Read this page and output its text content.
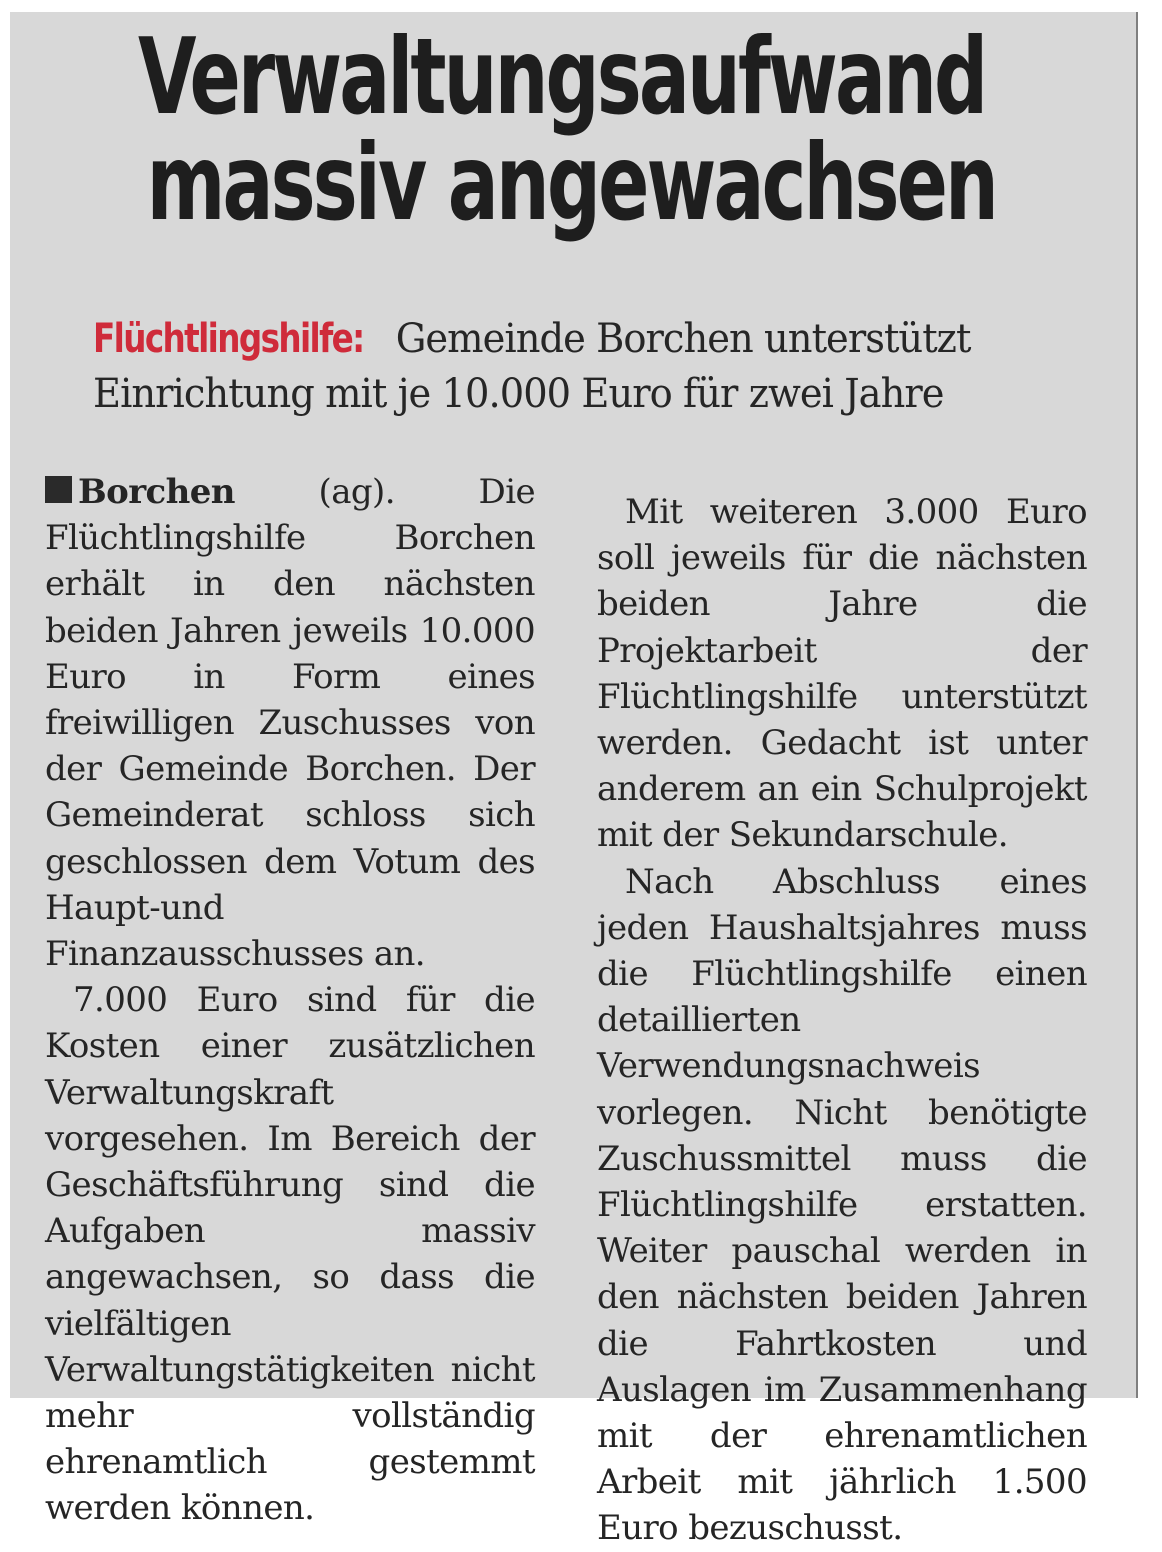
Verwaltungsaufwand
massiv angewachsen
Flüchtlingshilfe: Gemeinde Borchen unterstützt
Einrichtung mit je 10.000 Euro für zwei Jahre

Borchen (ag). Die Flüchtlingshilfe Borchen erhält in den nächsten beiden Jahren jeweils 10.000 Euro in Form eines freiwilligen Zuschusses von der Gemeinde Borchen. Der Gemeinderat schloss sich geschlossen dem Votum des Haupt-und Finanzausschusses an.

7.000 Euro sind für die Kosten einer zusätzlichen Verwaltungskraft vorgesehen. Im Bereich der Geschäftsführung sind die Aufgaben massiv angewachsen, so dass die vielfältigen Verwaltungstätigkeiten nicht mehr vollständig ehrenamtlich gestemmt werden können.

Mit weiteren 3.000 Euro soll jeweils für die nächsten beiden Jahre die Projektarbeit der Flüchtlingshilfe unterstützt werden. Gedacht ist unter anderem an ein Schulprojekt mit der Sekundarschule.

Nach Abschluss eines jeden Haushaltsjahres muss die Flüchtlingshilfe einen detaillierten Verwendungsnachweis vorlegen. Nicht benötigte Zuschussmittel muss die Flüchtlingshilfe erstatten. Weiter pauschal werden in den nächsten beiden Jahren die Fahrtkosten und Auslagen im Zusammenhang mit der ehrenamtlichen Arbeit mit jährlich 1.500 Euro bezuschusst.
